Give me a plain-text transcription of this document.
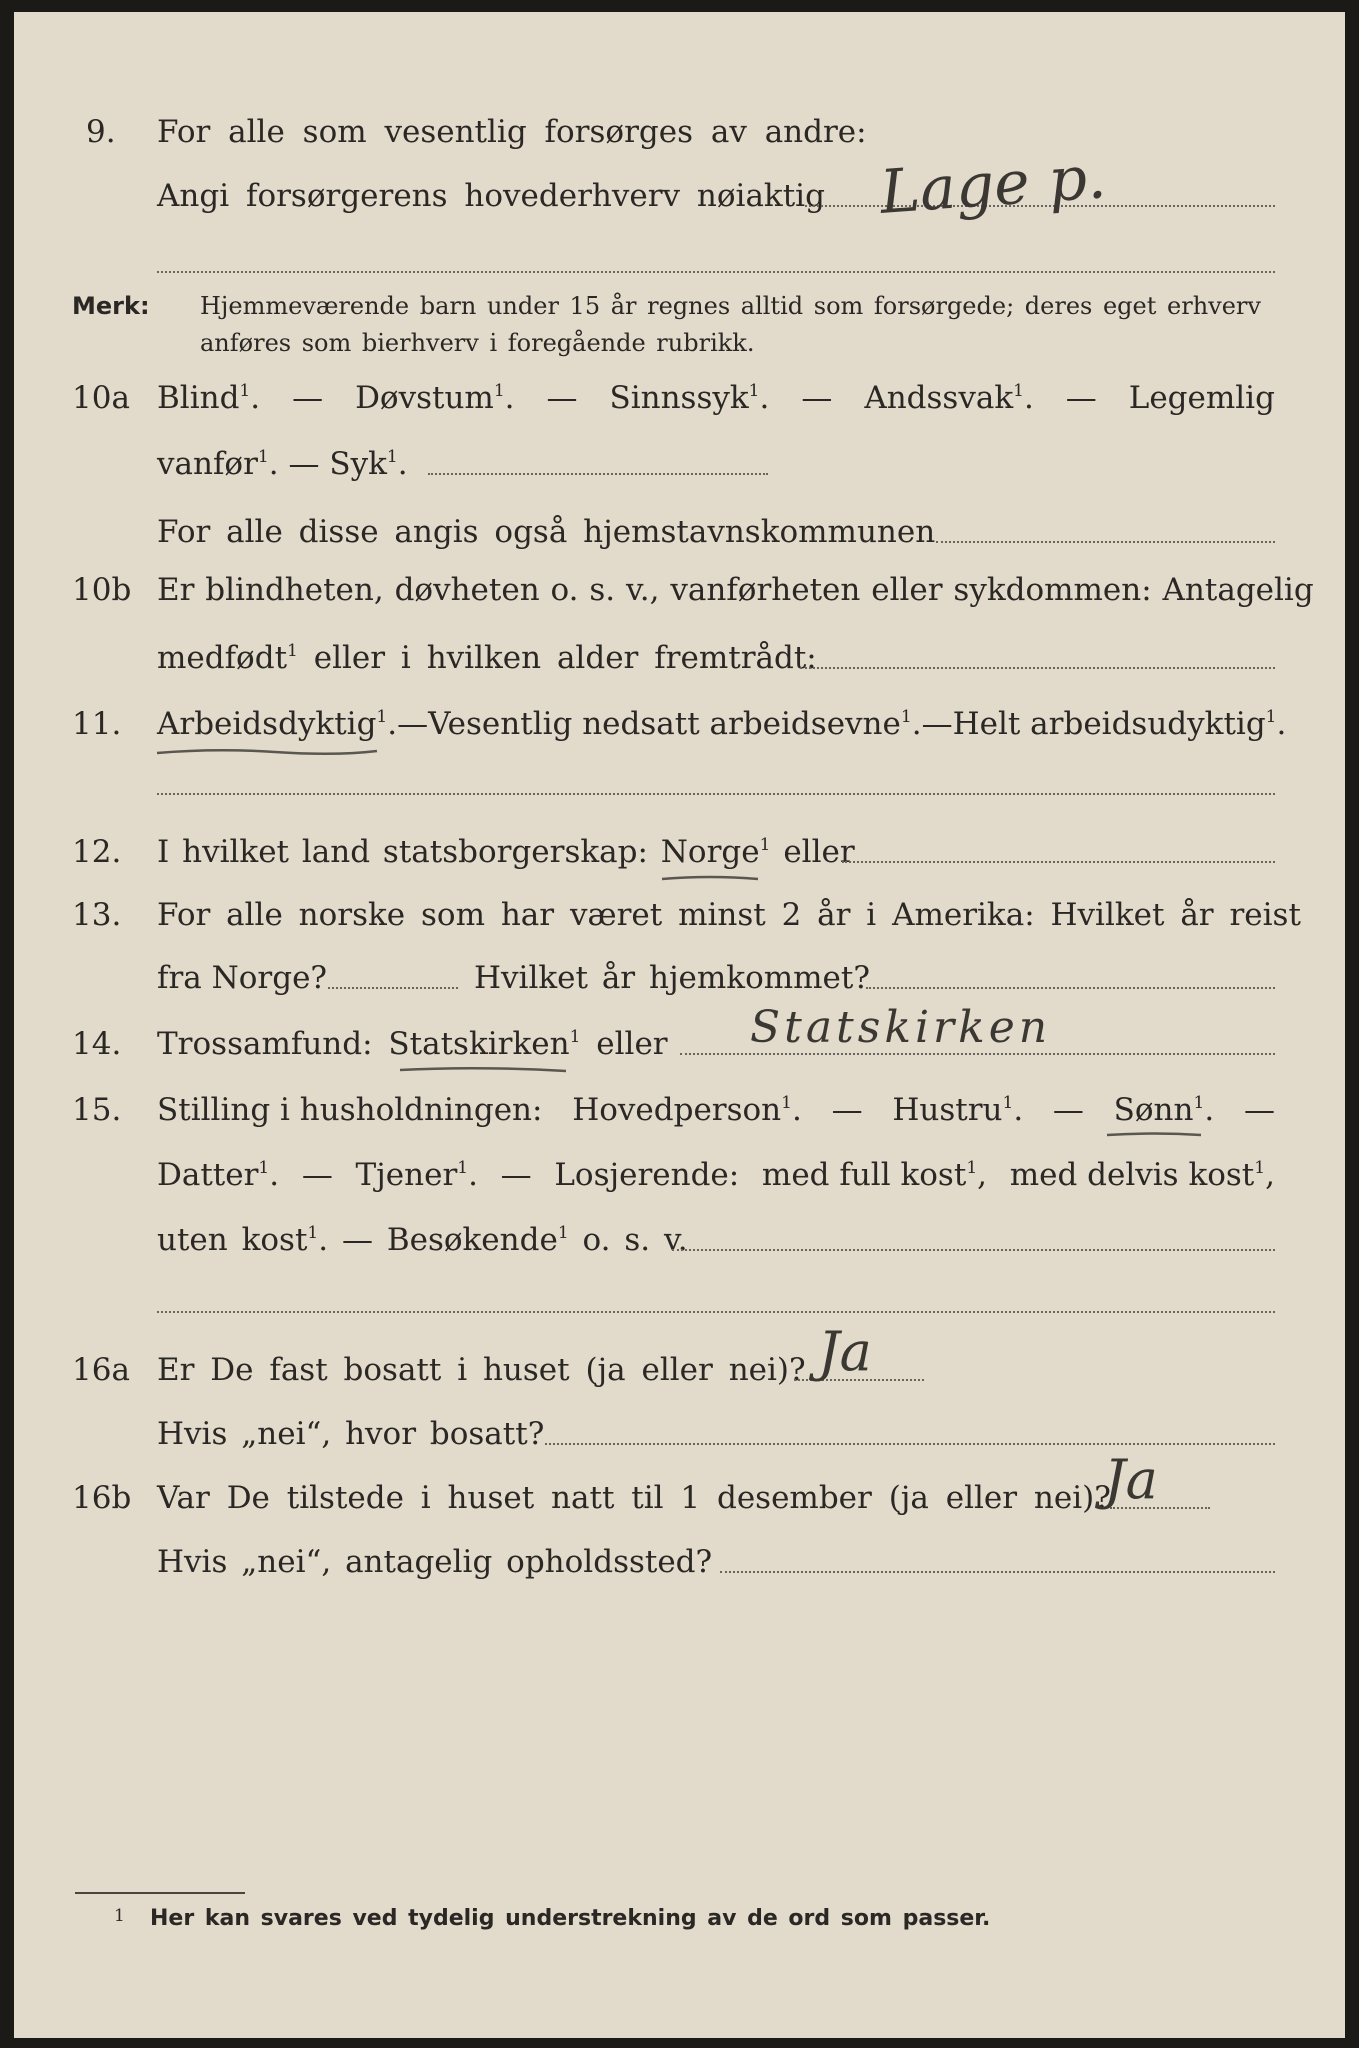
9. For alle som vesentlig forsørges av andre:
Angi forsørgerens hovederhverv nøiaktig Lage p.
Merk: Hjemmeværende barn under 15 år regnes alltid som forsørgede; deres eget erhverv
anføres som bierhverv i foregående rubrikk.
10a Blind$^1$. — Døvstum$^1$. — Sinnssyk$^1$. — Andssvak$^1$. — Legemlig
vanfør$^1$. — Syk$^1$.
For alle disse angis også hjemstavnskommunen
10b Er blindheten, døvheten o. s. v., vanførheten eller sykdommen: Antagelig
medfødt$^1$ eller i hvilken alder fremtrådt:
11. Arbeidsdyktig$^1$. — Vesentlig nedsatt arbeidsevne$^1$. — Helt arbeidsudyktig$^1$.
12. I hvilket land statsborgerskap: Norge$^1$ eller
13. For alle norske som har været minst 2 år i Amerika: Hvilket år reist
fra Norge?	Hvilket år hjemkommet?
14. Trossamfund: Statskirken$^1$ eller Statskirken
15. Stilling i husholdningen: Hovedperson$^1$. — Hustru$^1$. — Sønn$^1$. —
Datter$^1$. — Tjener$^1$. — Losjerende: med full kost$^1$, med delvis kost$^1$,
uten kost$^1$. — Besøkende$^1$ o. s. v.
16a Er De fast bosatt i huset (ja eller nei)? Ja
Hvis „nei“, hvor bosatt?
16b Var De tilstede i huset natt til 1 desember (ja eller nei)?
Ja
Hvis „nei“, antagelig opholdssted?
1 Her kan svares ved tydelig understrekning av de ord som passer.
